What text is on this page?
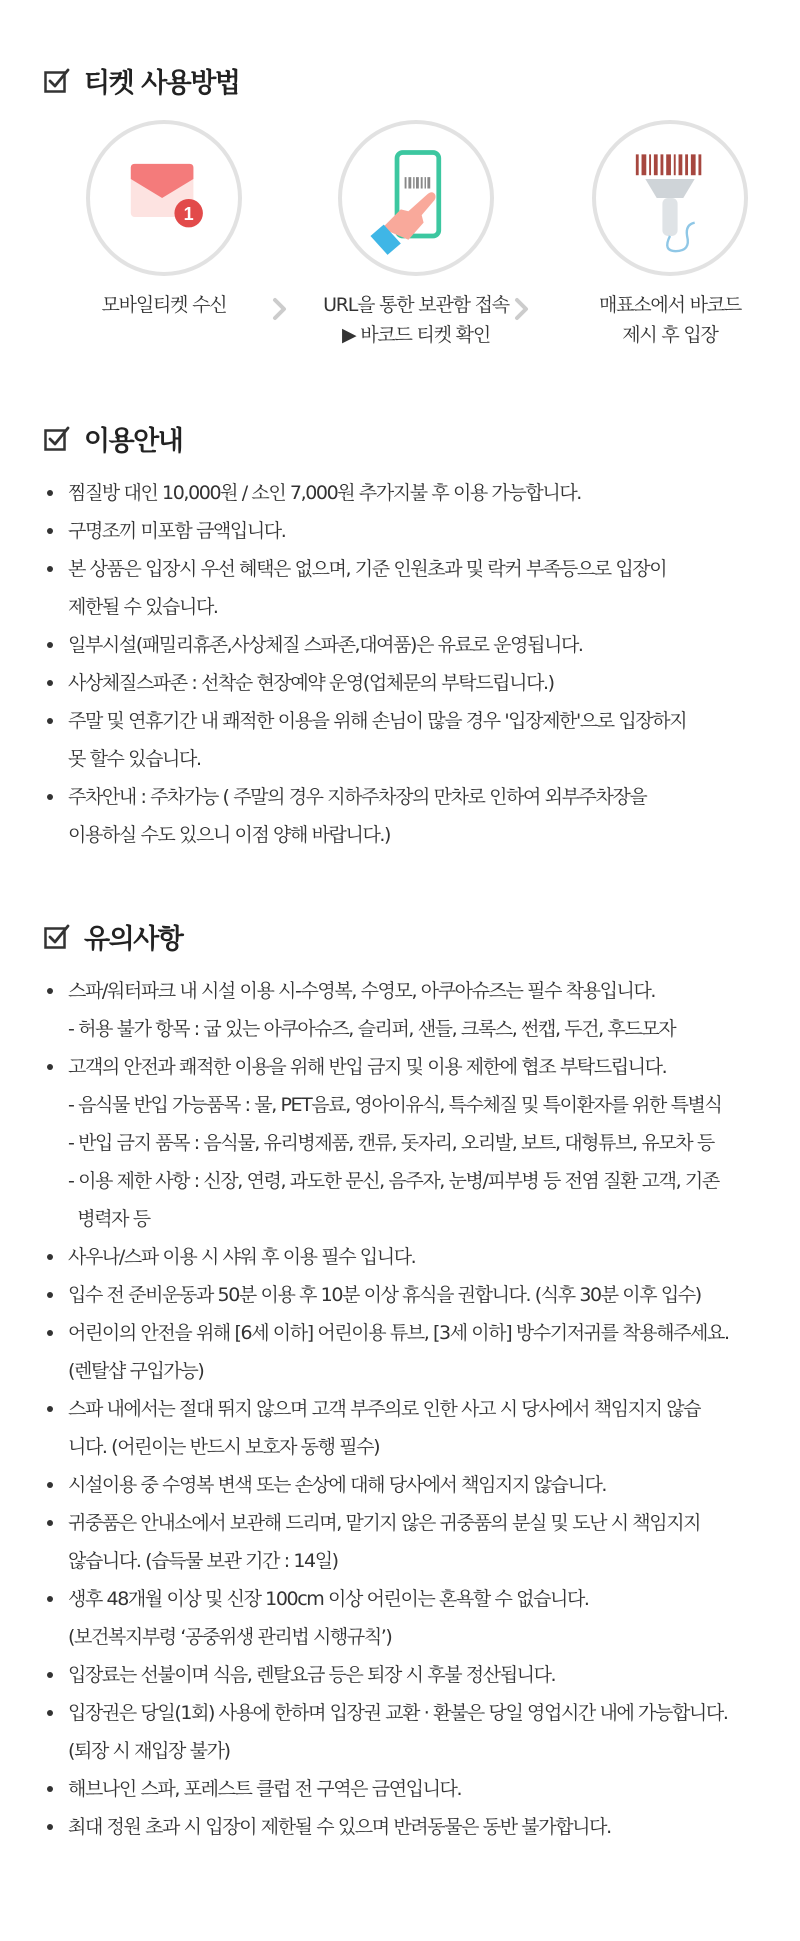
티켓 사용방법
1
모바일티켓 수신	URL을 통한 보관함 접속
▶ 바코드 티켓 확인
매표소에서 바코드
제시 후 입장
이용안내
찜질방 대인 10,000원 / 소인 7,000원 추가지불 후 이용 가능합니다.
구명조끼 미포함 금액입니다.
본 상품은 입장시 우선 혜택은 없으며, 기준 인원초과 및 락커 부족등으로 입장이
제한될 수 있습니다.
일부시설(패밀리휴존,사상체질 스파존,대여품)은 유료로 운영됩니다.
사상체질스파존 : 선착순 현장예약 운영(업체문의 부탁드립니다.)
주말 및 연휴기간 내 쾌적한 이용을 위해 손님이 많을 경우 '입장제한'으로 입장하지
못 할수 있습니다.
주차안내 : 주차가능 ( 주말의 경우 지하주차장의 만차로 인하여 외부주차장을
이용하실 수도 있으니 이점 양해 바랍니다.)
유의사항
스파/워터파크 내 시설 이용 시-수영복, 수영모, 아쿠아슈즈는 필수 착용입니다.
- 허용 불가 항목 : 굽 있는 아쿠아슈즈, 슬리퍼, 샌들, 크록스, 썬캡, 두건, 후드모자
고객의 안전과 쾌적한 이용을 위해 반입 금지 및 이용 제한에 협조 부탁드립니다.
- 음식물 반입 가능품목 : 물, PET음료, 영아이유식, 특수체질 및 특이환자를 위한 특별식
- 반입 금지 품목 : 음식물, 유리병제품, 캔류, 돗자리, 오리발, 보트, 대형튜브, 유모차 등
- 이용 제한 사항 : 신장, 연령, 과도한 문신, 음주자, 눈병/피부병 등 전염 질환 고객, 기존
병력자 등
사우나/스파 이용 시 샤워 후 이용 필수 입니다.
입수 전 준비운동과 50분 이용 후 10분 이상 휴식을 권합니다. (식후 30분 이후 입수)
어린이의 안전을 위해 [6세 이하] 어린이용 튜브, [3세 이하] 방수기저귀를 착용해주세요.
(렌탈샵 구입가능)
스파 내에서는 절대 뛰지 않으며 고객 부주의로 인한 사고 시 당사에서 책임지지 않습
니다. (어린이는 반드시 보호자 동행 필수)
시설이용 중 수영복 변색 또는 손상에 대해 당사에서 책임지지 않습니다.
귀중품은 안내소에서 보관해 드리며, 맡기지 않은 귀중품의 분실 및 도난 시 책임지지
않습니다. (습득물 보관 기간 : 14일)
생후 48개월 이상 및 신장 100cm 이상 어린이는 혼욕할 수 없습니다.
(보건복지부령 ‘공중위생 관리법 시행규칙’)
입장료는 선불이며 식음, 렌탈요금 등은 퇴장 시 후불 정산됩니다.
입장권은 당일(1회) 사용에 한하며 입장권 교환 · 환불은 당일 영업시간 내에 가능합니다.
(퇴장 시 재입장 불가)
해브나인 스파, 포레스트 클럽 전 구역은 금연입니다.
최대 정원 초과 시 입장이 제한될 수 있으며 반려동물은 동반 불가합니다.
